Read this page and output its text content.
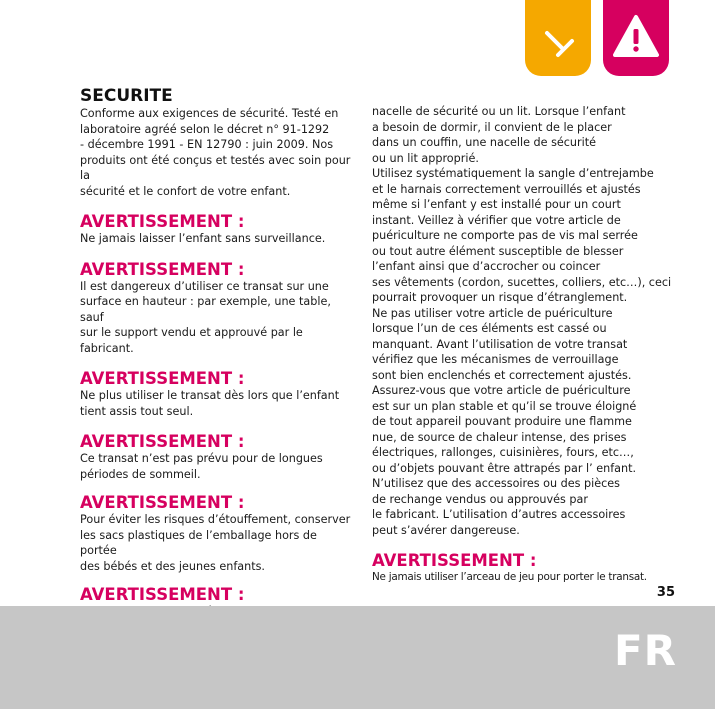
SECURITE

Conforme aux exigences de sécurité. Testé en
laboratoire agréé selon le décret n° 91-1292
- décembre 1991 - EN 12790 : juin 2009. Nos
produits ont été conçus et testés avec soin pour la
sécurité et le confort de votre enfant.

AVERTISSEMENT :

Ne jamais laisser l’enfant sans surveillance.

AVERTISSEMENT :

Il est dangereux d’utiliser ce transat sur une
surface en hauteur : par exemple, une table, sauf
sur le support vendu et approuvé par le fabricant.

AVERTISSEMENT :

Ne plus utiliser le transat dès lors que l’enfant
tient assis tout seul.

AVERTISSEMENT :

Ce transat n’est pas prévu pour de longues
périodes de sommeil.

AVERTISSEMENT :

Pour éviter les risques d’étouffement, conserver
les sacs plastiques de l’emballage hors de portée
des bébés et des jeunes enfants.

AVERTISSEMENT :

nacelle de sécurité ou un lit. Lorsque l’enfant
a besoin de dormir, il convient de le placer
dans un couffin, une nacelle de sécurité
ou un lit approprié.
Utilisez systématiquement la sangle d’entrejambe
et le harnais correctement verrouillés et ajustés
même si l’enfant y est installé pour un court
instant. Veillez à vérifier que votre article de
puériculture ne comporte pas de vis mal serrée
ou tout autre élément susceptible de blesser
l’enfant ainsi que d’accrocher ou coincer
ses vêtements (cordon, sucettes, colliers, etc…), ceci
pourrait provoquer un risque d’étranglement.
Ne pas utiliser votre article de puériculture
lorsque l’un de ces éléments est cassé ou
manquant. Avant l’utilisation de votre transat
vérifiez que les mécanismes de verrouillage
sont bien enclenchés et correctement ajustés.
Assurez-vous que votre article de puériculture
est sur un plan stable et qu’il se trouve éloigné
de tout appareil pouvant produire une flamme
nue, de source de chaleur intense, des prises
électriques, rallonges, cuisinières, fours, etc…,
ou d’objets pouvant être attrapés par l’ enfant.
N’utilisez que des accessoires ou des pièces
de rechange vendus ou approuvés par
le fabricant. L’utilisation d’autres accessoires
peut s’avérer dangereuse.

AVERTISSEMENT :

Ne jamais utiliser l’arceau de jeu pour porter le transat.

35
FR
